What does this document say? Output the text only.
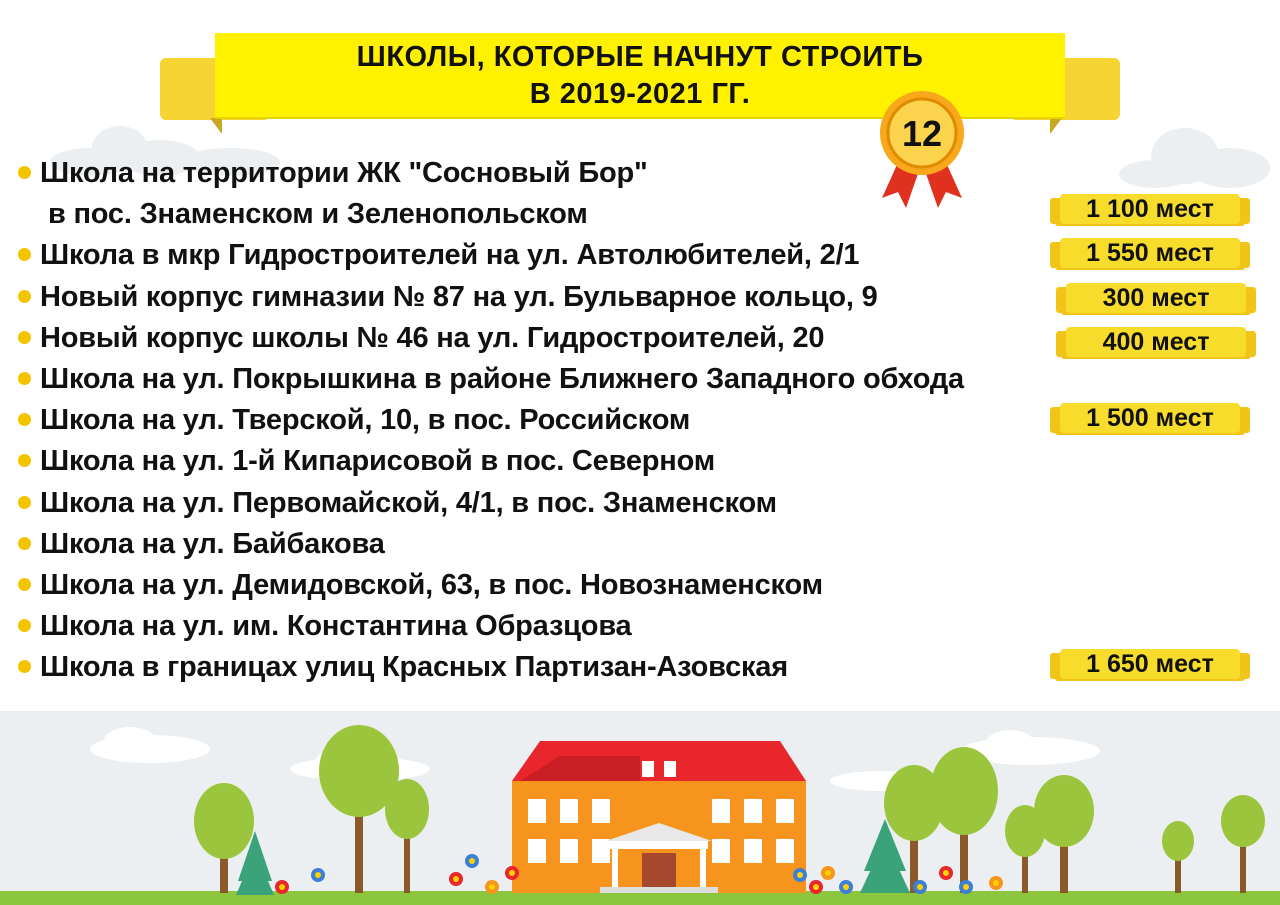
ШКОЛЫ, КОТОРЫЕ НАЧНУТ СТРОИТЬ
В 2019-2021 ГГ.
12
Школа на территории ЖК "Сосновый Бор"
в пос. Знаменском и Зеленопольском
Школа в мкр Гидростроителей на ул. Автолюбителей, 2/1
Новый корпус гимназии № 87 на ул. Бульварное кольцо, 9
Новый корпус школы № 46 на ул. Гидростроителей, 20
Школа на ул. Покрышкина в районе Ближнего Западного обхода
Школа на ул. Тверской, 10, в пос. Российском
Школа на ул. 1-й Кипарисовой в пос. Северном
Школа на ул. Первомайской, 4/1, в пос. Знаменском
Школа на ул. Байбакова
Школа на ул. Демидовской, 63, в пос. Новознаменском
Школа на ул. им. Константина Образцова
Школа в границах улиц Красных Партизан-Азовская
1 100 мест
1 550 мест
300 мест
400 мест
1 500 мест
1 650 мест
